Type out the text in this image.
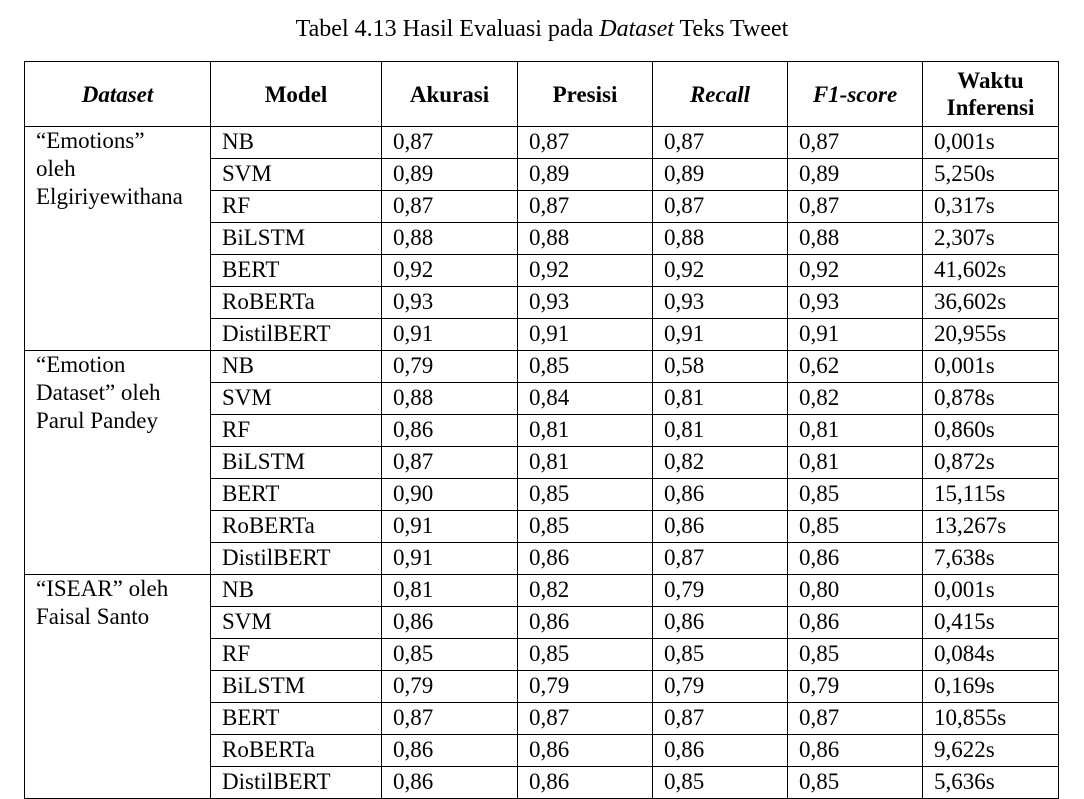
Tabel 4.13 Hasil Evaluasi pada Dataset Teks Tweet
Dataset	Model	Akurasi	Presisi	Recall	F1-score	Waktu
Inferensi

“Emotions”
oleh
Elgiriyewithana	NB	0,87	0,87	0,87	0,87	0,001s
	SVM	0,89	0,89	0,89	0,89	5,250s
	RF	0,87	0,87	0,87	0,87	0,317s
	BiLSTM	0,88	0,88	0,88	0,88	2,307s
	BERT	0,92	0,92	0,92	0,92	41,602s
	RoBERTa	0,93	0,93	0,93	0,93	36,602s
	DistilBERT	0,91	0,91	0,91	0,91	20,955s

“Emotion
Dataset” oleh
Parul Pandey	NB	0,79	0,85	0,58	0,62	0,001s
	SVM	0,88	0,84	0,81	0,82	0,878s
	RF	0,86	0,81	0,81	0,81	0,860s
	BiLSTM	0,87	0,81	0,82	0,81	0,872s
	BERT	0,90	0,85	0,86	0,85	15,115s
	RoBERTa	0,91	0,85	0,86	0,85	13,267s
	DistilBERT	0,91	0,86	0,87	0,86	7,638s

“ISEAR” oleh
Faisal Santo	NB	0,81	0,82	0,79	0,80	0,001s
	SVM	0,86	0,86	0,86	0,86	0,415s
	RF	0,85	0,85	0,85	0,85	0,084s
	BiLSTM	0,79	0,79	0,79	0,79	0,169s
	BERT	0,87	0,87	0,87	0,87	10,855s
	RoBERTa	0,86	0,86	0,86	0,86	9,622s
	DistilBERT	0,86	0,86	0,85	0,85	5,636s
